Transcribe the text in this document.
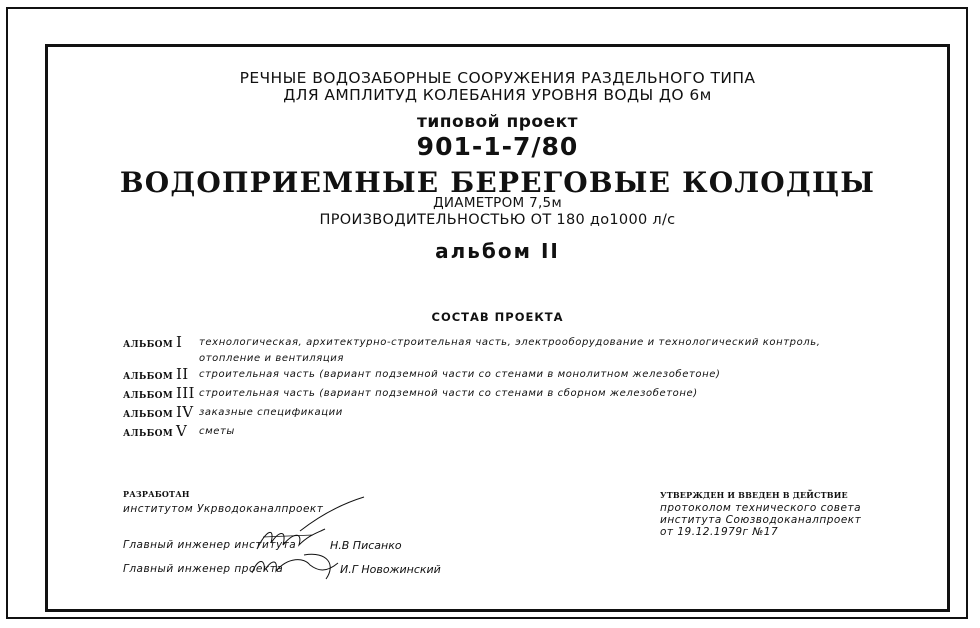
РЕЧНЫЕ ВОДОЗАБОРНЫЕ СООРУЖЕНИЯ РАЗДЕЛЬНОГО ТИПА
ДЛЯ АМПЛИТУД КОЛЕБАНИЯ УРОВНЯ ВОДЫ ДО 6м
типовой проект
901-1-7/80
ВОДОПРИЕМНЫЕ БЕРЕГОВЫЕ КОЛОДЦЫ
ДИАМЕТРОМ 7,5м
ПРОИЗВОДИТЕЛЬНОСТЬЮ ОТ 180 до1000 л/с
альбом II
СОСТАВ ПРОЕКТА
АЛЬБОМ I технологическая, архитектурно-строительная часть, электрооборудование и технологический контроль,
отопление и вентиляция
АЛЬБОМ II строительная часть (вариант подземной части со стенами в монолитном железобетоне)
АЛЬБОМ III строительная часть (вариант подземной части со стенами в сборном железобетоне)
АЛЬБОМ IV заказные спецификации
АЛЬБОМ V сметы
РАЗРАБОТАН
институтом Укрводоканалпроект
Главный инженер института	Н.В Писанко
Главный инженер проекта	И.Г Новожинский
УТВЕРЖДЕН И ВВЕДЕН В ДЕЙСТВИЕ
протоколом технического совета
института Союзводоканалпроект
от 19.12.1979г №17
